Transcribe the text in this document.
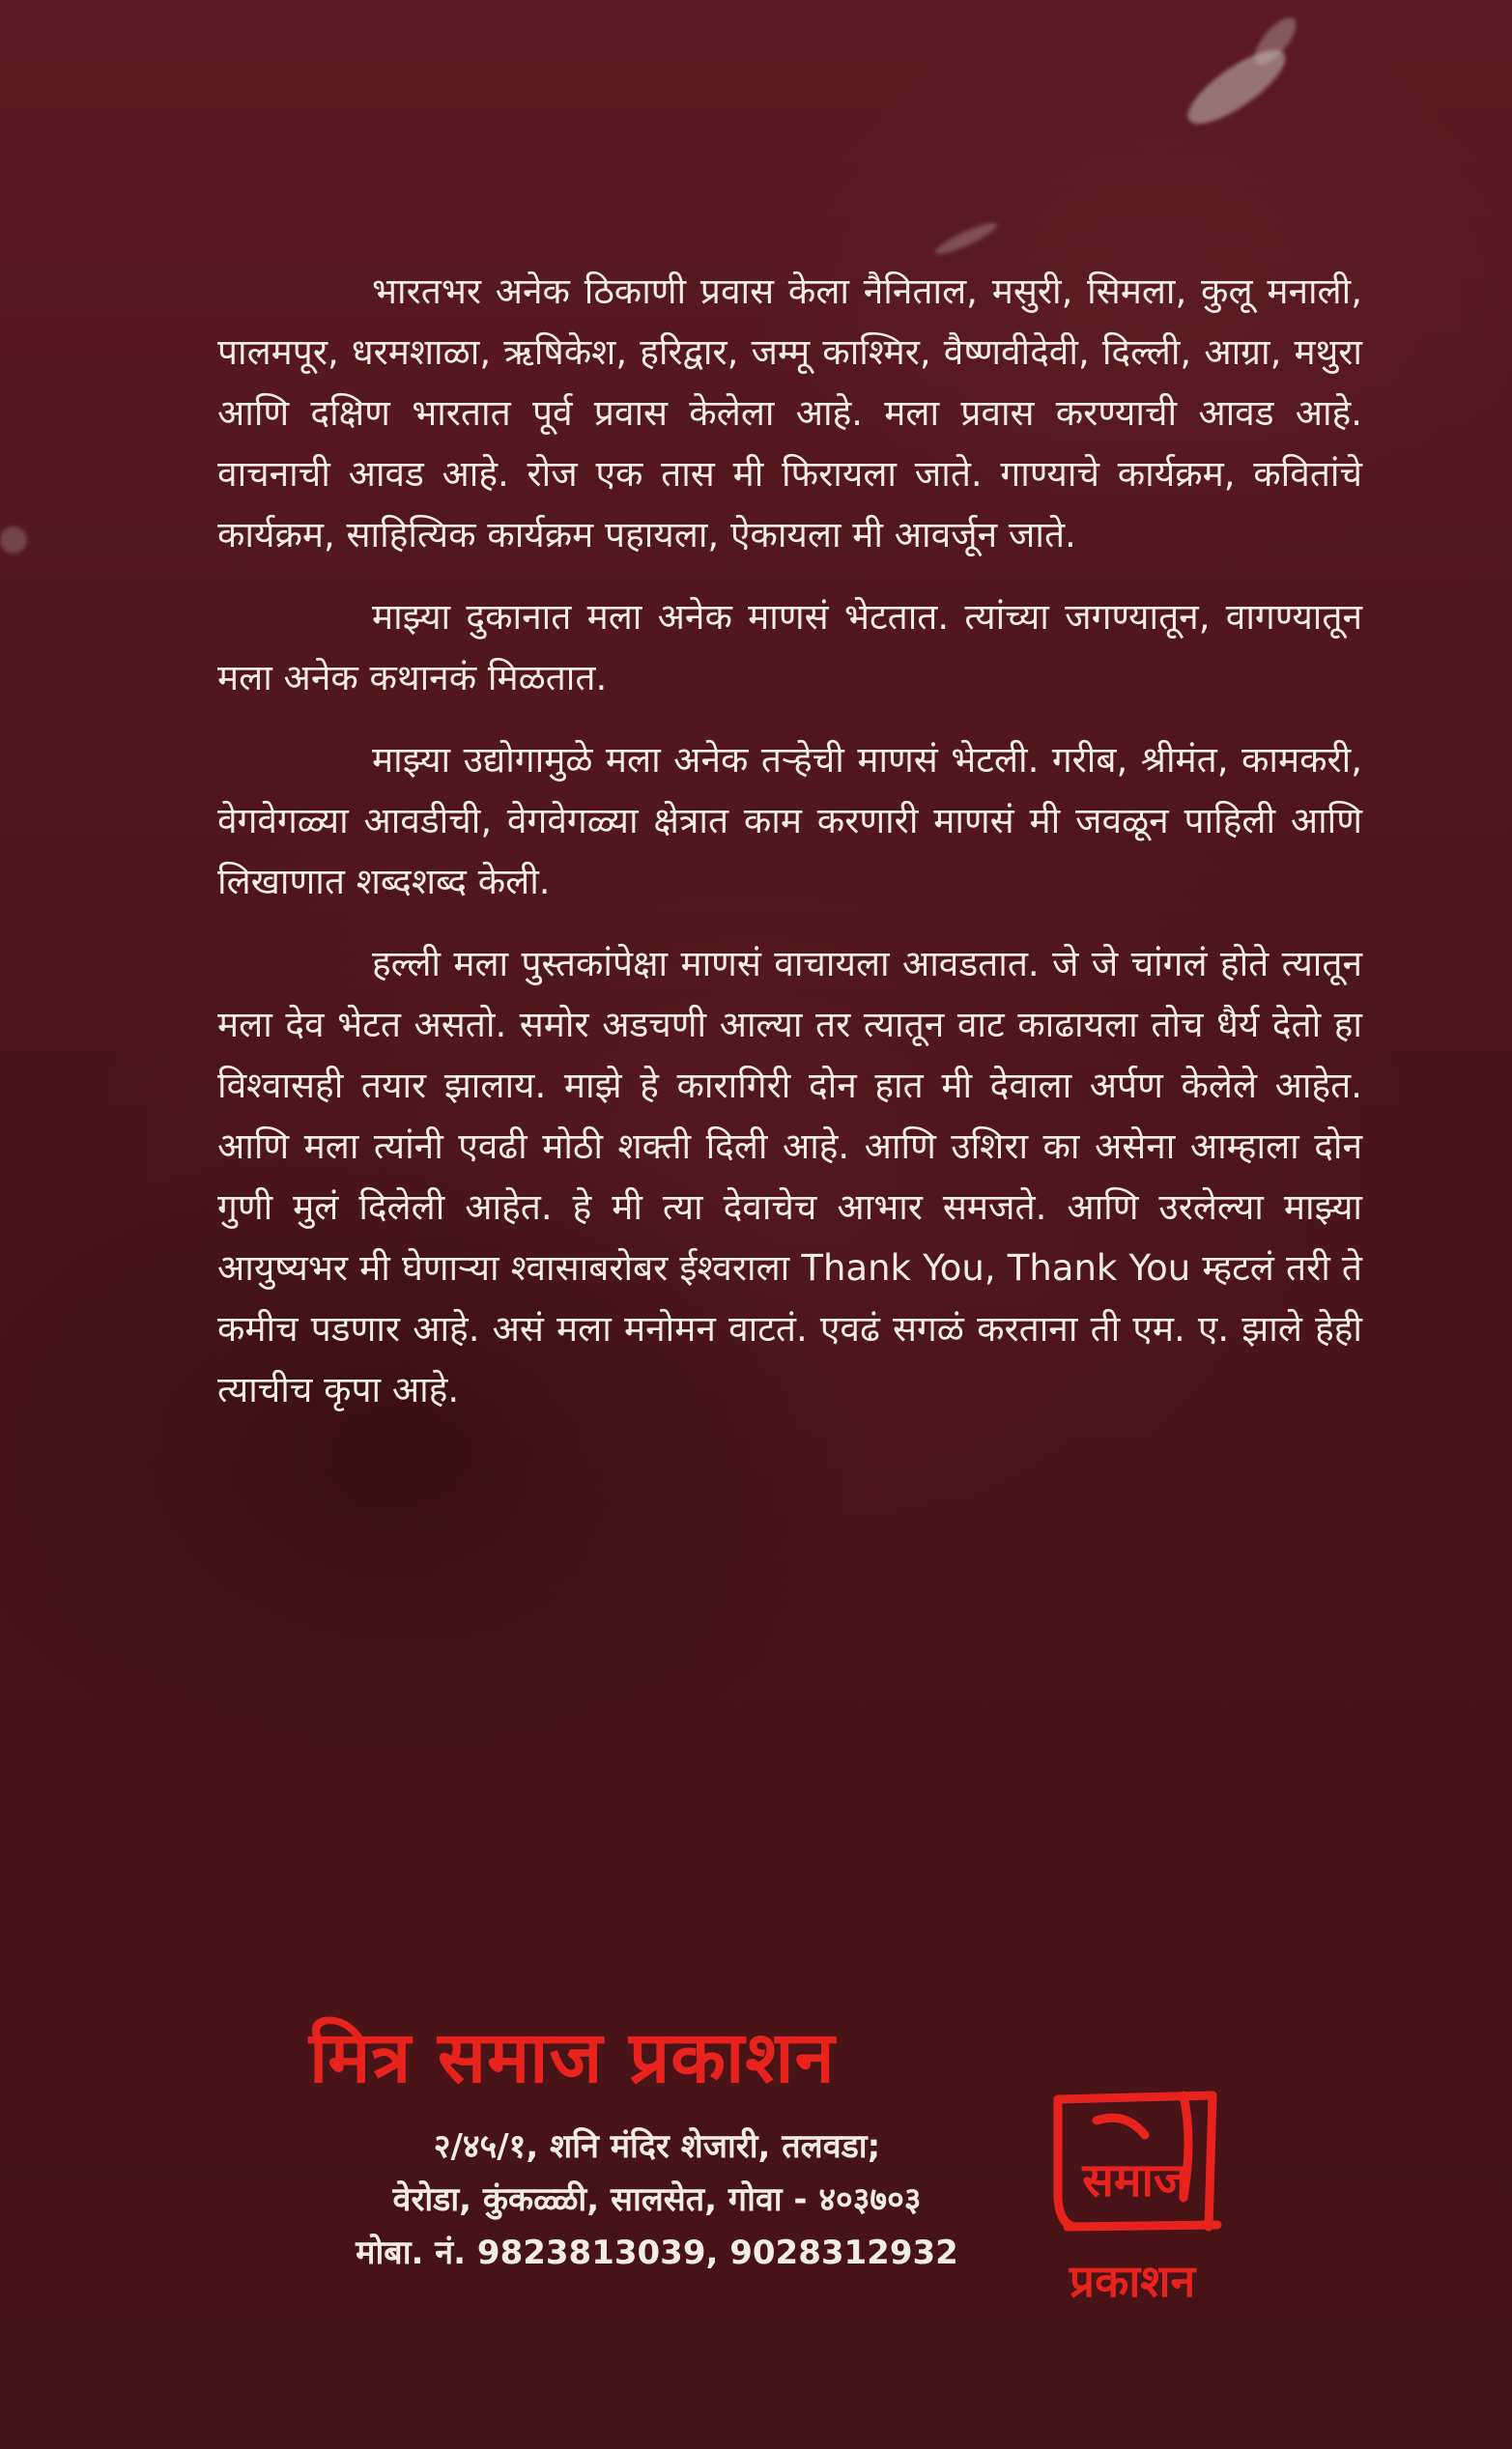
भारतभर अनेक ठिकाणी प्रवास केला नैनिताल, मसुरी, सिमला, कुलू मनाली, पालमपूर, धरमशाळा, ऋषिकेश, हरिद्वार, जम्मू काश्मिर, वैष्णवीदेवी, दिल्ली, आग्रा, मथुरा आणि दक्षिण भारतात पूर्व प्रवास केलेला आहे. मला प्रवास करण्याची आवड आहे. वाचनाची आवड आहे. रोज एक तास मी फिरायला जाते. गाण्याचे कार्यक्रम, कवितांचे कार्यक्रम, साहित्यिक कार्यक्रम पहायला, ऐकायला मी आवर्जून जाते.

माझ्या दुकानात मला अनेक माणसं भेटतात. त्यांच्या जगण्यातून, वागण्यातून मला अनेक कथानकं मिळतात.

माझ्या उद्योगामुळे मला अनेक तऱ्हेची माणसं भेटली. गरीब, श्रीमंत, कामकरी, वेगवेगळ्या आवडीची, वेगवेगळ्या क्षेत्रात काम करणारी माणसं मी जवळून पाहिली आणि लिखाणात शब्दशब्द केली.

हल्ली मला पुस्तकांपेक्षा माणसं वाचायला आवडतात. जे जे चांगलं होते त्यातून मला देव भेटत असतो. समोर अडचणी आल्या तर त्यातून वाट काढायला तोच धैर्य देतो हा विश्वासही तयार झालाय. माझे हे कारागिरी दोन हात मी देवाला अर्पण केलेले आहेत. आणि मला त्यांनी एवढी मोठी शक्ती दिली आहे. आणि उशिरा का असेना आम्हाला दोन गुणी मुलं दिलेली आहेत. हे मी त्या देवाचेच आभार समजते. आणि उरलेल्या माझ्या आयुष्यभर मी घेणाऱ्या श्वासाबरोबर ईश्वराला Thank You, Thank You म्हटलं तरी ते कमीच पडणार आहे. असं मला मनोमन वाटतं. एवढं सगळं करताना ती एम. ए. झाले हेही त्याचीच कृपा आहे.

मित्र समाज प्रकाशन
२/४५/१, शनि मंदिर शेजारी, तलवडा;
वेरोडा, कुंकळ्ळी, सालसेत, गोवा - ४०३७०३
मोबा. नं. 9823813039, 9028312932
समाज
प्रकाशन
